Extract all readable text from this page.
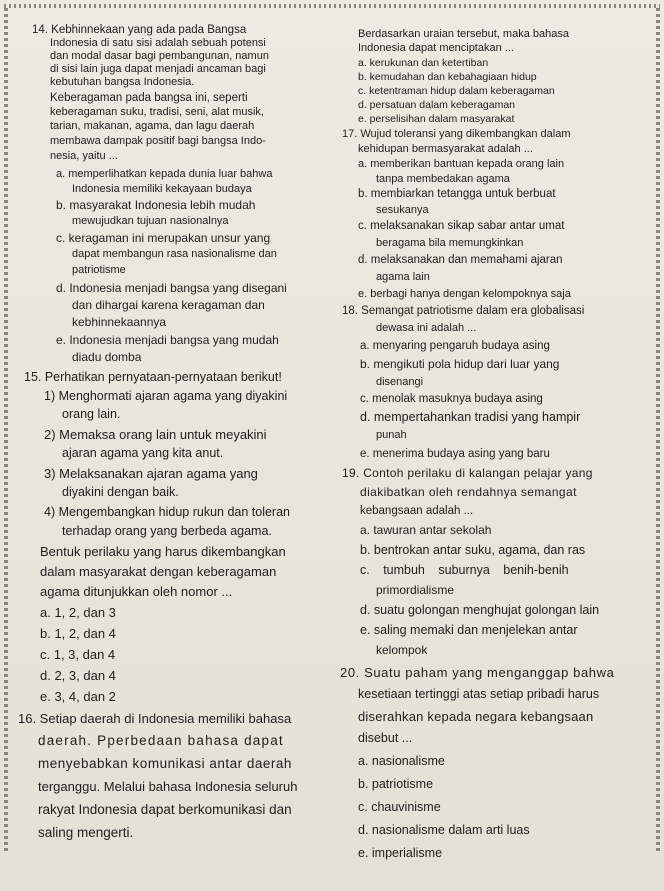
14. Kebhinnekaan yang ada pada Bangsa
Indonesia di satu sisi adalah sebuah potensi
dan modal dasar bagi pembangunan, namun
di sisi lain juga dapat menjadi ancaman bagi
kebutuhan bangsa Indonesia.
Keberagaman pada bangsa ini, seperti
keberagaman suku, tradisi, seni, alat musik,
tarian, makanan, agama, dan lagu daerah
membawa dampak positif bagi bangsa Indo-
nesia, yaitu ...
a. memperlihatkan kepada dunia luar bahwa
Indonesia memiliki kekayaan budaya
b. masyarakat Indonesia lebih mudah
mewujudkan tujuan nasionalnya
c. keragaman ini merupakan unsur yang
dapat membangun rasa nasionalisme dan
patriotisme
d. Indonesia menjadi bangsa yang disegani
dan dihargai karena keragaman dan
kebhinnekaannya
e. Indonesia menjadi bangsa yang mudah
diadu domba
15. Perhatikan pernyataan-pernyataan berikut!
1) Menghormati ajaran agama yang diyakini
orang lain.
2) Memaksa orang lain untuk meyakini
ajaran agama yang kita anut.
3) Melaksanakan ajaran agama yang
diyakini dengan baik.
4) Mengembangkan hidup rukun dan toleran
terhadap orang yang berbeda agama.
Bentuk perilaku yang harus dikembangkan
dalam masyarakat dengan keberagaman
agama ditunjukkan oleh nomor ...
a. 1, 2, dan 3
b. 1, 2, dan 4
c. 1, 3, dan 4
d. 2, 3, dan 4
e. 3, 4, dan 2
16. Setiap daerah di Indonesia memiliki bahasa
daerah. Pperbedaan bahasa dapat
menyebabkan komunikasi antar daerah
terganggu. Melalui bahasa Indonesia seluruh
rakyat Indonesia dapat berkomunikasi dan
saling mengerti.
Berdasarkan uraian tersebut, maka bahasa
Indonesia dapat menciptakan ...
a. kerukunan dan ketertiban
b. kemudahan dan kebahagiaan hidup
c. ketentraman hidup dalam keberagaman
d. persatuan dalam keberagaman
e. perselisihan dalam masyarakat
17. Wujud toleransi yang dikembangkan dalam
kehidupan bermasyarakat adalah ...
a. memberikan bantuan kepada orang lain
tanpa membedakan agama
b. membiarkan tetangga untuk berbuat
sesukanya
c. melaksanakan sikap sabar antar umat
beragama bila memungkinkan
d. melaksanakan dan memahami ajaran
agama lain
e. berbagi hanya dengan kelompoknya saja
18. Semangat patriotisme dalam era globalisasi
dewasa ini adalah ...
a. menyaring pengaruh budaya asing
b. mengikuti pola hidup dari luar yang
disenangi
c. menolak masuknya budaya asing
d. mempertahankan tradisi yang hampir
punah
e. menerima budaya asing yang baru
19. Contoh perilaku di kalangan pelajar yang
diakibatkan oleh rendahnya semangat
kebangsaan adalah ...
a. tawuran antar sekolah
b. bentrokan antar suku, agama, dan ras
c. tumbuh suburnya benih-benih
primordialisme
d. suatu golongan menghujat golongan lain
e. saling memaki dan menjelekan antar
kelompok
20. Suatu paham yang menganggap bahwa
kesetiaan tertinggi atas setiap pribadi harus
diserahkan kepada negara kebangsaan
disebut ...
a. nasionalisme
b. patriotisme
c. chauvinisme
d. nasionalisme dalam arti luas
e. imperialisme
